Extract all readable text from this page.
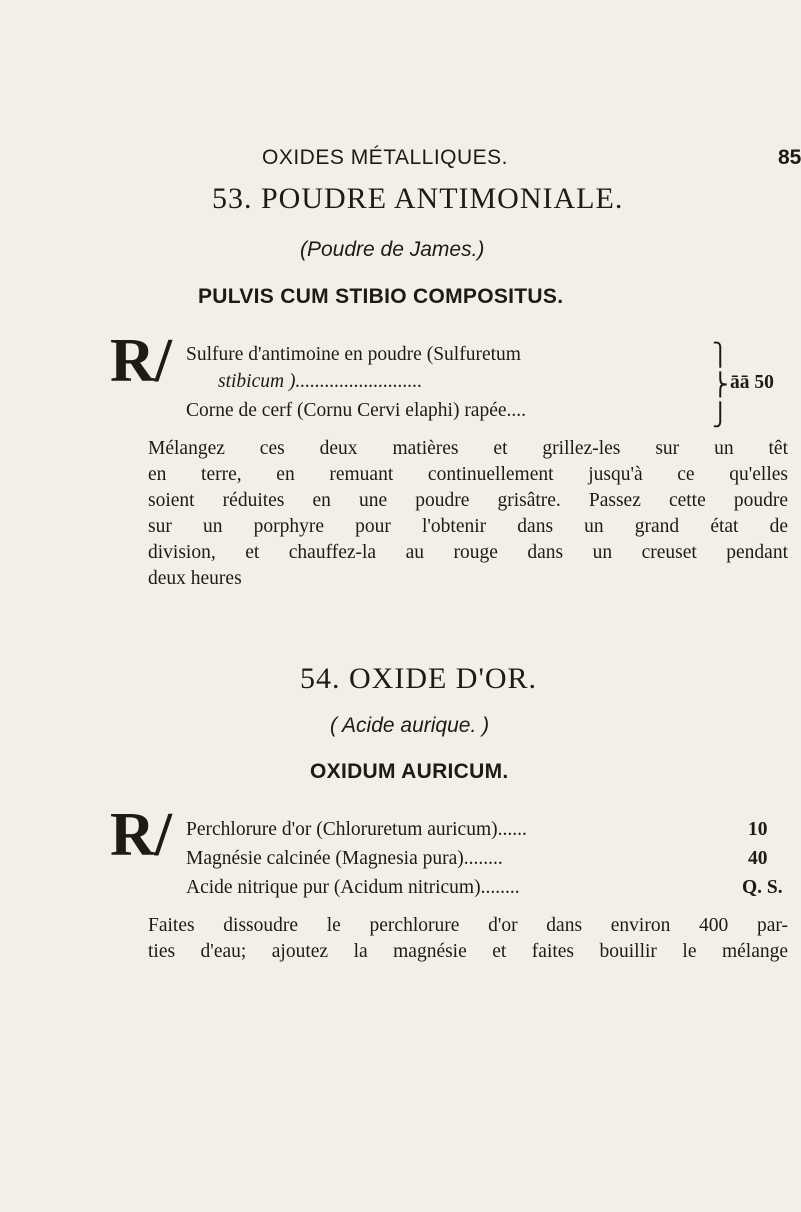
OXIDES MÉTALLIQUES.	85
53. POUDRE ANTIMONIALE.
(Poudre de James.)
PULVIS CUM STIBIO COMPOSITUS.
R/ Sulfure d'antimoine en poudre (Sulfuretum
stibicum )..........................
Corne de cerf (Cornu Cervi elaphi) rapée....
⎫
⎬
⎭
āā 50
Mélangez ces deux matières et grillez-les sur un têt
en terre, en remuant continuellement jusqu'à ce qu'elles
soient réduites en une poudre grisâtre. Passez cette poudre
sur un porphyre pour l'obtenir dans un grand état de
division, et chauffez-la au rouge dans un creuset pendant
deux heures
54. OXIDE D'OR.
( Acide aurique. )
OXIDUM AURICUM.
R/ Perchlorure d'or (Chloruretum auricum)......	10
Magnésie calcinée (Magnesia pura)........	40
Acide nitrique pur (Acidum nitricum)........	Q. S.
Faites dissoudre le perchlorure d'or dans environ 400 par-
ties d'eau; ajoutez la magnésie et faites bouillir le mélange
